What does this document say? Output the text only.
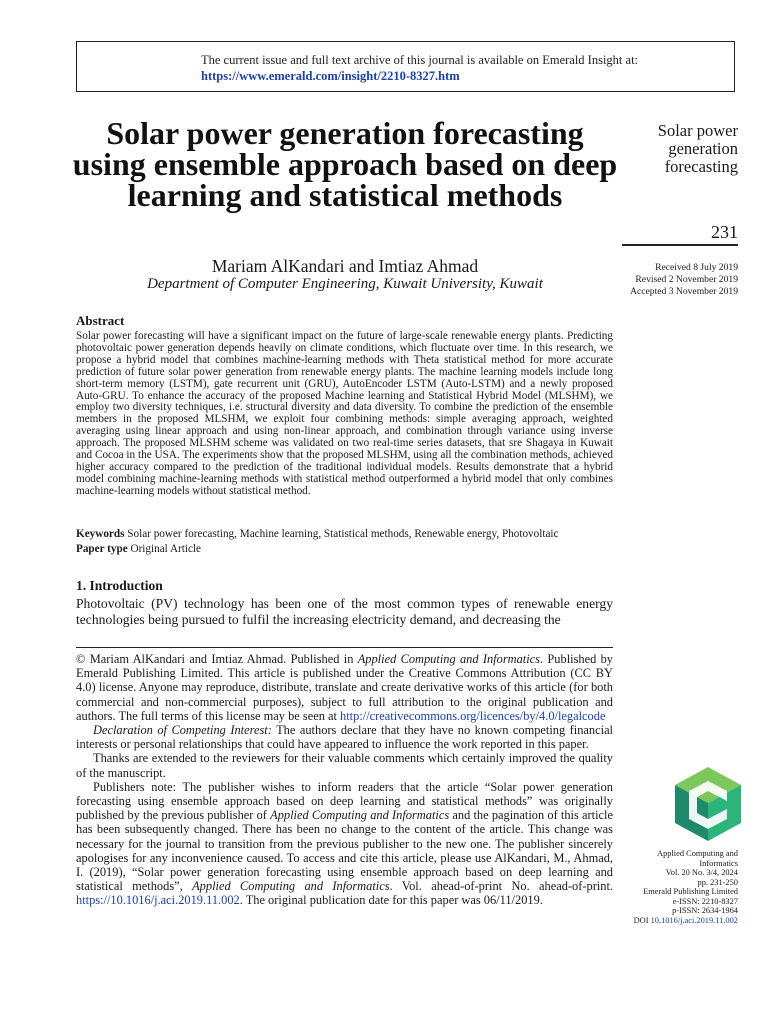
The current issue and full text archive of this journal is available on Emerald Insight at:
https://www.emerald.com/insight/2210-8327.htm
Solar power generation forecasting using ensemble approach based on deep learning and statistical methods
Mariam AlKandari and Imtiaz Ahmad
Department of Computer Engineering, Kuwait University, Kuwait
Solar power generation forecasting
231
Received 8 July 2019
Revised 2 November 2019
Accepted 3 November 2019
Abstract

Solar power forecasting will have a significant impact on the future of large-scale renewable energy plants. Predicting photovoltaic power generation depends heavily on climate conditions, which fluctuate over time. In this research, we propose a hybrid model that combines machine-learning methods with Theta statistical method for more accurate prediction of future solar power generation from renewable energy plants. The machine learning models include long short-term memory (LSTM), gate recurrent unit (GRU), AutoEncoder LSTM (Auto-LSTM) and a newly proposed Auto-GRU. To enhance the accuracy of the proposed Machine learning and Statistical Hybrid Model (MLSHM), we employ two diversity techniques, i.e. structural diversity and data diversity. To combine the prediction of the ensemble members in the proposed MLSHM, we exploit four combining methods: simple averaging approach, weighted averaging using linear approach and using non-linear approach, and combination through variance using inverse approach. The proposed MLSHM scheme was validated on two real-time series datasets, that sre Shagaya in Kuwait and Cocoa in the USA. The experiments show that the proposed MLSHM, using all the combination methods, achieved higher accuracy compared to the prediction of the traditional individual models. Results demonstrate that a hybrid model combining machine-learning methods with statistical method outperformed a hybrid model that only combines machine-learning models without statistical method.

Keywords Solar power forecasting, Machine learning, Statistical methods, Renewable energy, Photovoltaic
Paper type Original Article
1. Introduction

Photovoltaic (PV) technology has been one of the most common types of renewable energy technologies being pursued to fulfil the increasing electricity demand, and decreasing the

© Mariam AlKandari and Imtiaz Ahmad. Published in Applied Computing and Informatics. Published by Emerald Publishing Limited. This article is published under the Creative Commons Attribution (CC BY 4.0) license. Anyone may reproduce, distribute, translate and create derivative works of this article (for both commercial and non-commercial purposes), subject to full attribution to the original publication and authors. The full terms of this license may be seen at http://creativecommons.org/licences/by/4.0/legalcode

Declaration of Competing Interest: The authors declare that they have no known competing financial interests or personal relationships that could have appeared to influence the work reported in this paper.

Thanks are extended to the reviewers for their valuable comments which certainly improved the quality of the manuscript.

Publishers note: The publisher wishes to inform readers that the article “Solar power generation forecasting using ensemble approach based on deep learning and statistical methods” was originally published by the previous publisher of Applied Computing and Informatics and the pagination of this article has been subsequently changed. There has been no change to the content of the article. This change was necessary for the journal to transition from the previous publisher to the new one. The publisher sincerely apologises for any inconvenience caused. To access and cite this article, please use AlKandari, M., Ahmad, I. (2019), “Solar power generation forecasting using ensemble approach based on deep learning and statistical methods”, Applied Computing and Informatics. Vol. ahead-of-print No. ahead-of-print. https://10.1016/j.aci.2019.11.002. The original publication date for this paper was 06/11/2019.

Applied Computing and Informatics
Vol. 20 No. 3/4, 2024
pp. 231-250
Emerald Publishing Limited
e-ISSN: 2210-8327
p-ISSN: 2634-1964
DOI 10.1016/j.aci.2019.11.002
